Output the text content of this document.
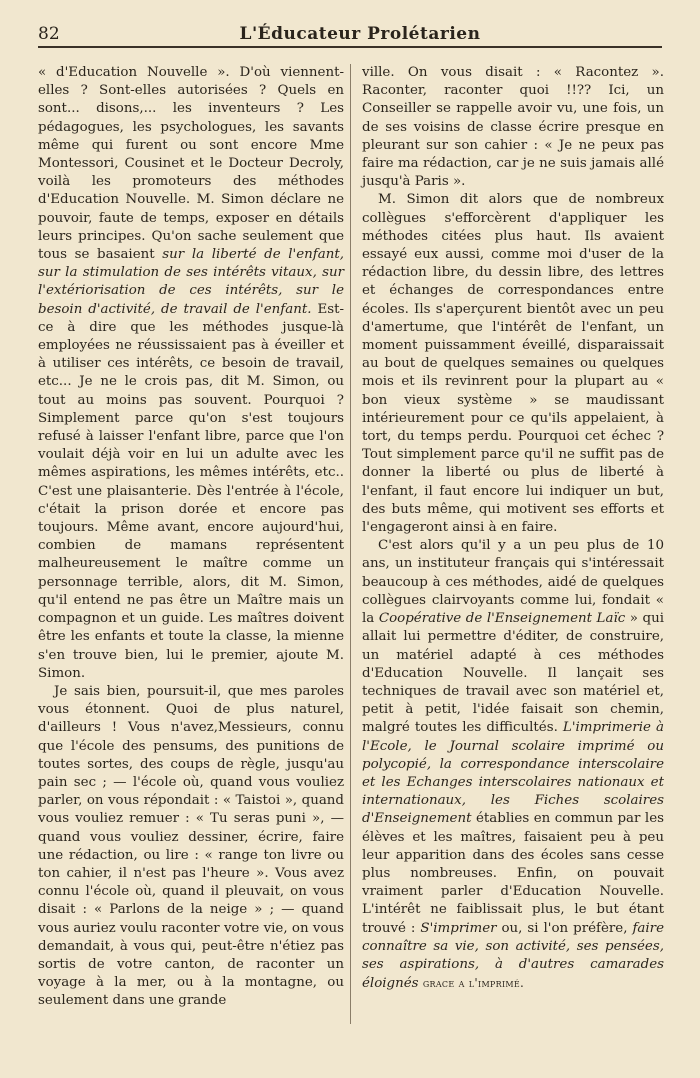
82	L'Éducateur Prolétarien

« d'Education Nouvelle ». D'où viennent-elles ? Sont-elles autorisées ? Quels en sont... disons,... les inventeurs ? Les pédagogues, les psychologues, les savants même qui furent ou sont encore Mme Montessori, Cousinet et le Docteur Decroly, voilà les promoteurs des méthodes d'Education Nouvelle. M. Simon déclare ne pouvoir, faute de temps, exposer en détails leurs principes. Qu'on sache seulement que tous se basaient sur la liberté de l'enfant, sur la stimulation de ses intérêts vitaux, sur l'extériorisation de ces intérêts, sur le besoin d'activité, de travail de l'enfant. Est-ce à dire que les méthodes jusque-là employées ne réussissaient pas à éveiller et à utiliser ces intérêts, ce besoin de travail, etc... Je ne le crois pas, dit M. Simon, ou tout au moins pas souvent. Pourquoi ? Simplement parce qu'on s'est toujours refusé à laisser l'enfant libre, parce que l'on voulait déjà voir en lui un adulte avec les mêmes aspirations, les mêmes intérêts, etc.. C'est une plaisanterie. Dès l'entrée à l'école, c'était la prison dorée et encore pas toujours. Même avant, encore aujourd'hui, combien de mamans représentent malheureusement le maître comme un personnage terrible, alors, dit M. Simon, qu'il entend ne pas être un Maître mais un compagnon et un guide. Les maîtres doivent être les enfants et toute la classe, la mienne s'en trouve bien, lui le premier, ajoute M. Simon.

Je sais bien, poursuit-il, que mes paroles vous étonnent. Quoi de plus naturel, d'ailleurs ! Vous n'avez,Messieurs, connu que l'école des pensums, des punitions de toutes sortes, des coups de règle, jusqu'au pain sec ; — l'école où, quand vous vouliez parler, on vous répondait : « Taistoi », quand vous vouliez remuer : « Tu seras puni », — quand vous vouliez dessiner, écrire, faire une rédaction, ou lire : « range ton livre ou ton cahier, il n'est pas l'heure ». Vous avez connu l'école où, quand il pleuvait, on vous disait : « Parlons de la neige » ; — quand vous auriez voulu raconter votre vie, on vous demandait, à vous qui, peut-être n'étiez pas sortis de votre canton, de raconter un voyage à la mer, ou à la montagne, ou seulement dans une grande

ville. On vous disait : « Racontez ». Raconter, raconter quoi !!?? Ici, un Conseiller se rappelle avoir vu, une fois, un de ses voisins de classe écrire presque en pleurant sur son cahier : « Je ne peux pas faire ma rédaction, car je ne suis jamais allé jusqu'à Paris ».

M. Simon dit alors que de nombreux collègues s'efforcèrent d'appliquer les méthodes citées plus haut. Ils avaient essayé eux aussi, comme moi d'user de la rédaction libre, du dessin libre, des lettres et échanges de correspondances entre écoles. Ils s'aperçurent bientôt avec un peu d'amertume, que l'intérêt de l'enfant, un moment puissamment éveillé, disparaissait au bout de quelques semaines ou quelques mois et ils revinrent pour la plupart au « bon vieux système » se maudissant intérieurement pour ce qu'ils appelaient, à tort, du temps perdu. Pourquoi cet échec ? Tout simplement parce qu'il ne suffit pas de donner la liberté ou plus de liberté à l'enfant, il faut encore lui indiquer un but, des buts même, qui motivent ses efforts et l'engageront ainsi à en faire.

C'est alors qu'il y a un peu plus de 10 ans, un instituteur français qui s'intéressait beaucoup à ces méthodes, aidé de quelques collègues clairvoyants comme lui, fondait « la Coopérative de l'Enseignement Laïc » qui allait lui permettre d'éditer, de construire, un matériel adapté à ces méthodes d'Education Nouvelle. Il lançait ses techniques de travail avec son matériel et, petit à petit, l'idée faisait son chemin, malgré toutes les difficultés. L'imprimerie à l'Ecole, le Journal scolaire imprimé ou polycopié, la correspondance interscolaire et les Echanges interscolaires nationaux et internationaux, les Fiches scolaires d'Enseignement établies en commun par les élèves et les maîtres, faisaient peu à peu leur apparition dans des écoles sans cesse plus nombreuses. Enfin, on pouvait vraiment parler d'Education Nouvelle. L'intérêt ne faiblissait plus, le but étant trouvé : S'imprimer ou, si l'on préfère, faire connaître sa vie, son activité, ses pensées, ses aspirations, à d'autres camarades éloignés grace a l'imprimé.
